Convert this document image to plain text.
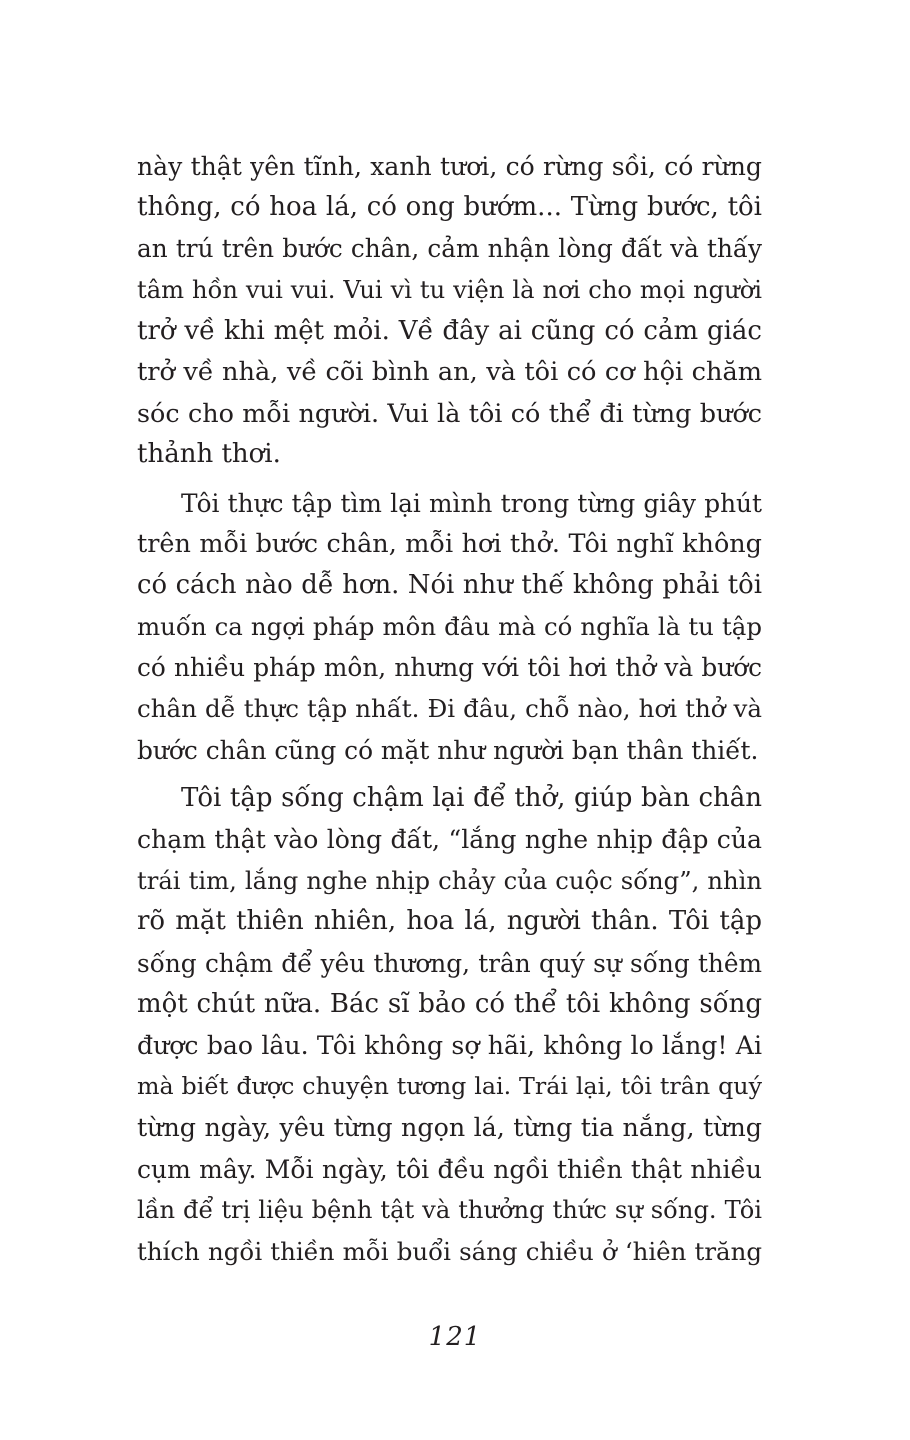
này thật yên tĩnh, xanh tươi, có rừng sồi, có rừng
thông, có hoa lá, có ong bướm... Từng bước, tôi
an trú trên bước chân, cảm nhận lòng đất và thấy
tâm hồn vui vui. Vui vì tu viện là nơi cho mọi người
trở về khi mệt mỏi. Về đây ai cũng có cảm giác
trở về nhà, về cõi bình an, và tôi có cơ hội chăm
sóc cho mỗi người. Vui là tôi có thể đi từng bước
thảnh thơi.
Tôi thực tập tìm lại mình trong từng giây phút
trên mỗi bước chân, mỗi hơi thở. Tôi nghĩ không
có cách nào dễ hơn. Nói như thế không phải tôi
muốn ca ngợi pháp môn đâu mà có nghĩa là tu tập
có nhiều pháp môn, nhưng với tôi hơi thở và bước
chân dễ thực tập nhất. Đi đâu, chỗ nào, hơi thở và
bước chân cũng có mặt như người bạn thân thiết.
Tôi tập sống chậm lại để thở, giúp bàn chân
chạm thật vào lòng đất, “lắng nghe nhịp đập của
trái tim, lắng nghe nhịp chảy của cuộc sống”, nhìn
rõ mặt thiên nhiên, hoa lá, người thân. Tôi tập
sống chậm để yêu thương, trân quý sự sống thêm
một chút nữa. Bác sĩ bảo có thể tôi không sống
được bao lâu. Tôi không sợ hãi, không lo lắng! Ai
mà biết được chuyện tương lai. Trái lại, tôi trân quý
từng ngày, yêu từng ngọn lá, từng tia nắng, từng
cụm mây. Mỗi ngày, tôi đều ngồi thiền thật nhiều
lần để trị liệu bệnh tật và thưởng thức sự sống. Tôi
thích ngồi thiền mỗi buổi sáng chiều ở ‘hiên trăng
121
